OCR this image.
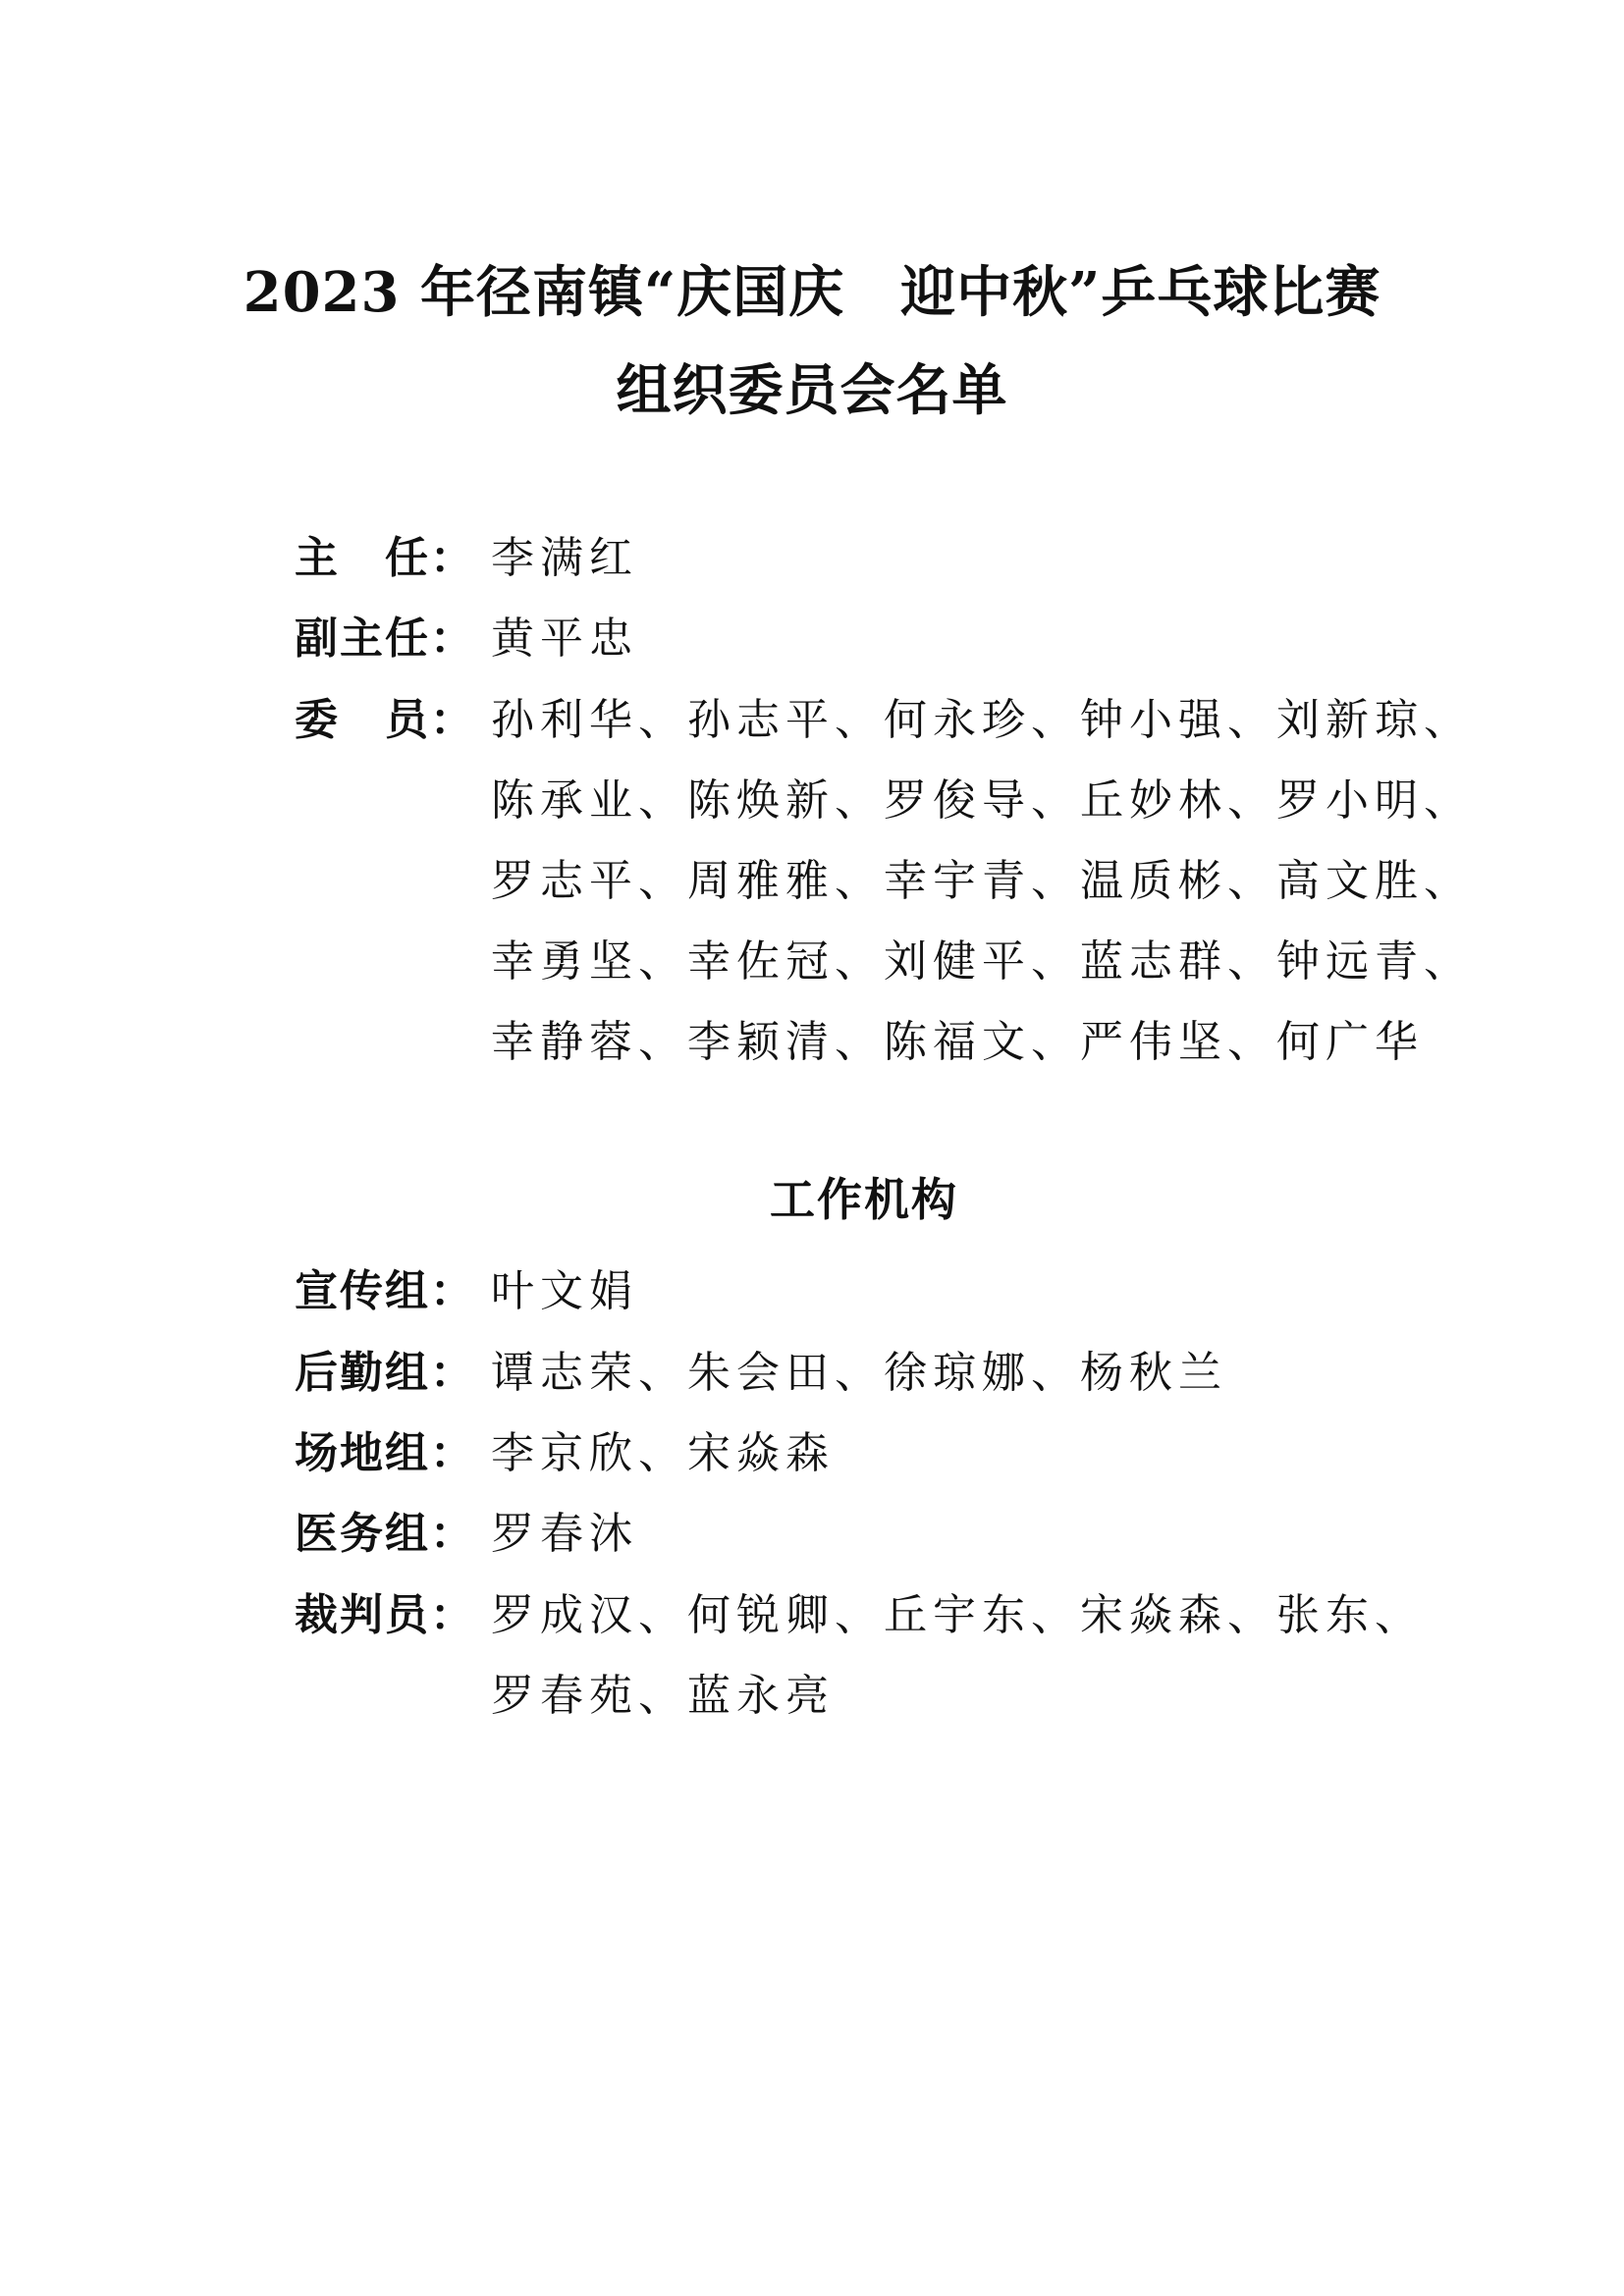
2023 年径南镇“庆国庆　迎中秋”乒乓球比赛
组织委员会名单
主　任： 李满红
副主任： 黄平忠
委　员： 孙利华、孙志平、何永珍、钟小强、刘新琼、
陈承业、陈焕新、罗俊导、丘妙林、罗小明、
罗志平、周雅雅、幸宇青、温质彬、高文胜、
幸勇坚、幸佐冠、刘健平、蓝志群、钟远青、
幸静蓉、李颖清、陈福文、严伟坚、何广华
工作机构
宣传组： 叶文娟
后勤组： 谭志荣、朱会田、徐琼娜、杨秋兰
场地组： 李京欣、宋焱森
医务组： 罗春沐
裁判员： 罗成汉、何锐卿、丘宇东、宋焱森、张东、
罗春苑、蓝永亮
